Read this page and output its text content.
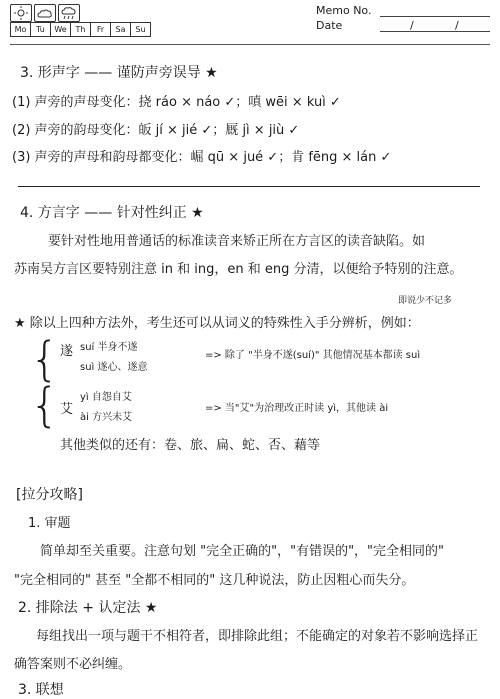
Mo	Tu	We	Th	Fr	Sa	Su
Memo No.
Date	/	/
3. 形声字 —— 谨防声旁误导 ★
(1) 声旁的声母变化：挠 ráo × náo ✓；嗔 wēi × kuì ✓
(2) 声旁的韵母变化：皈 jí × jié ✓；厩 jì × jiù ✓
(3) 声旁的声母和韵母都变化：崛 qū × jué ✓；肯 fēng × lán ✓
4. 方言字 —— 针对性纠正 ★
要针对性地用普通话的标准读音来矫正所在方言区的读音缺陷。如
苏南吴方言区要特别注意 in 和 ing，en 和 eng 分清，以便给予特别的注意。
即说少不记多
★ 除以上四种方法外，考生还可以从词义的特殊性入手分辨析，例如：
{
{
遂 suí 半身不遂
suì 遂心、遂意
=> 除了 "半身不遂(suí)" 其他情况基本都读 suì
艾
yì 自怨自艾
ài 方兴未艾
=> 当"艾"为治理改正时读 yì，其他读 ài
其他类似的还有：卷、旅、扁、蛇、否、藉等
[拉分攻略]
1. 审题
简单却至关重要。注意句划 "完全正确的"，"有错误的"，"完全相同的"
"完全相同的" 甚至 "全都不相同的" 这几种说法，防止因粗心而失分。
2. 排除法 + 认定法 ★
每组找出一项与题干不相符者，即排除此组；不能确定的对象若不影响选择正
确答案则不必纠缠。
3. 联想
